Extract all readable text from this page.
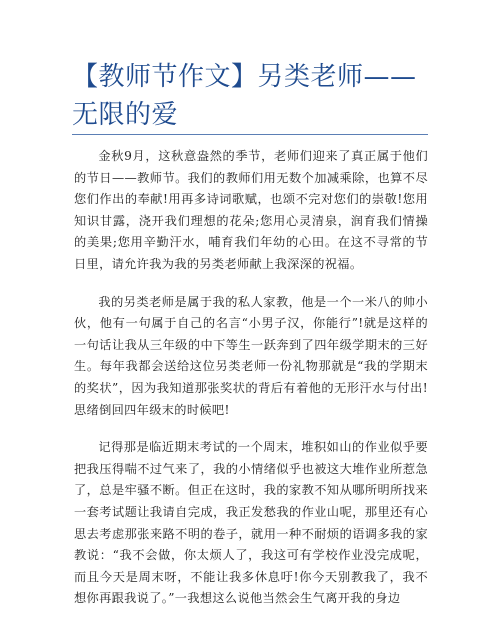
【教师节作文】另类老师——无限的爱

金秋9月，这秋意盎然的季节，老师们迎来了真正属于他们的节日——教师节。我们的教师们用无数个加减乘除，也算不尽您们作出的奉献!用再多诗词歌赋，也颂不完对您们的崇敬!您用知识甘露，浇开我们理想的花朵;您用心灵清泉，润育我们情操的美果;您用辛勤汗水，哺育我们年幼的心田。在这不寻常的节日里，请允许我为我的另类老师献上我深深的祝福。

我的另类老师是属于我的私人家教，他是一个一米八的帅小伙，他有一句属于自己的名言“小男子汉，你能行”!就是这样的一句话让我从三年级的中下等生一跃奔到了四年级学期末的三好生。每年我都会送给这位另类老师一份礼物那就是“我的学期末的奖状”，因为我知道那张奖状的背后有着他的无形汗水与付出!思绪倒回四年级末的时候吧!

记得那是临近期末考试的一个周末，堆积如山的作业似乎要把我压得喘不过气来了，我的小情绪似乎也被这大堆作业所惹急了，总是牢骚不断。但正在这时，我的家教不知从哪所明所找来一套考试题让我请自完成，我正发愁我的作业山呢，那里还有心思去考虑那张来路不明的卷子，就用一种不耐烦的语调多我的家教说：“我不会做，你太烦人了，我这可有学校作业没完成呢，而且今天是周末呀，不能让我多休息吁!你今天别教我了，我不想你再跟我说了。”一我想这么说他当然会生气离开我的身边
